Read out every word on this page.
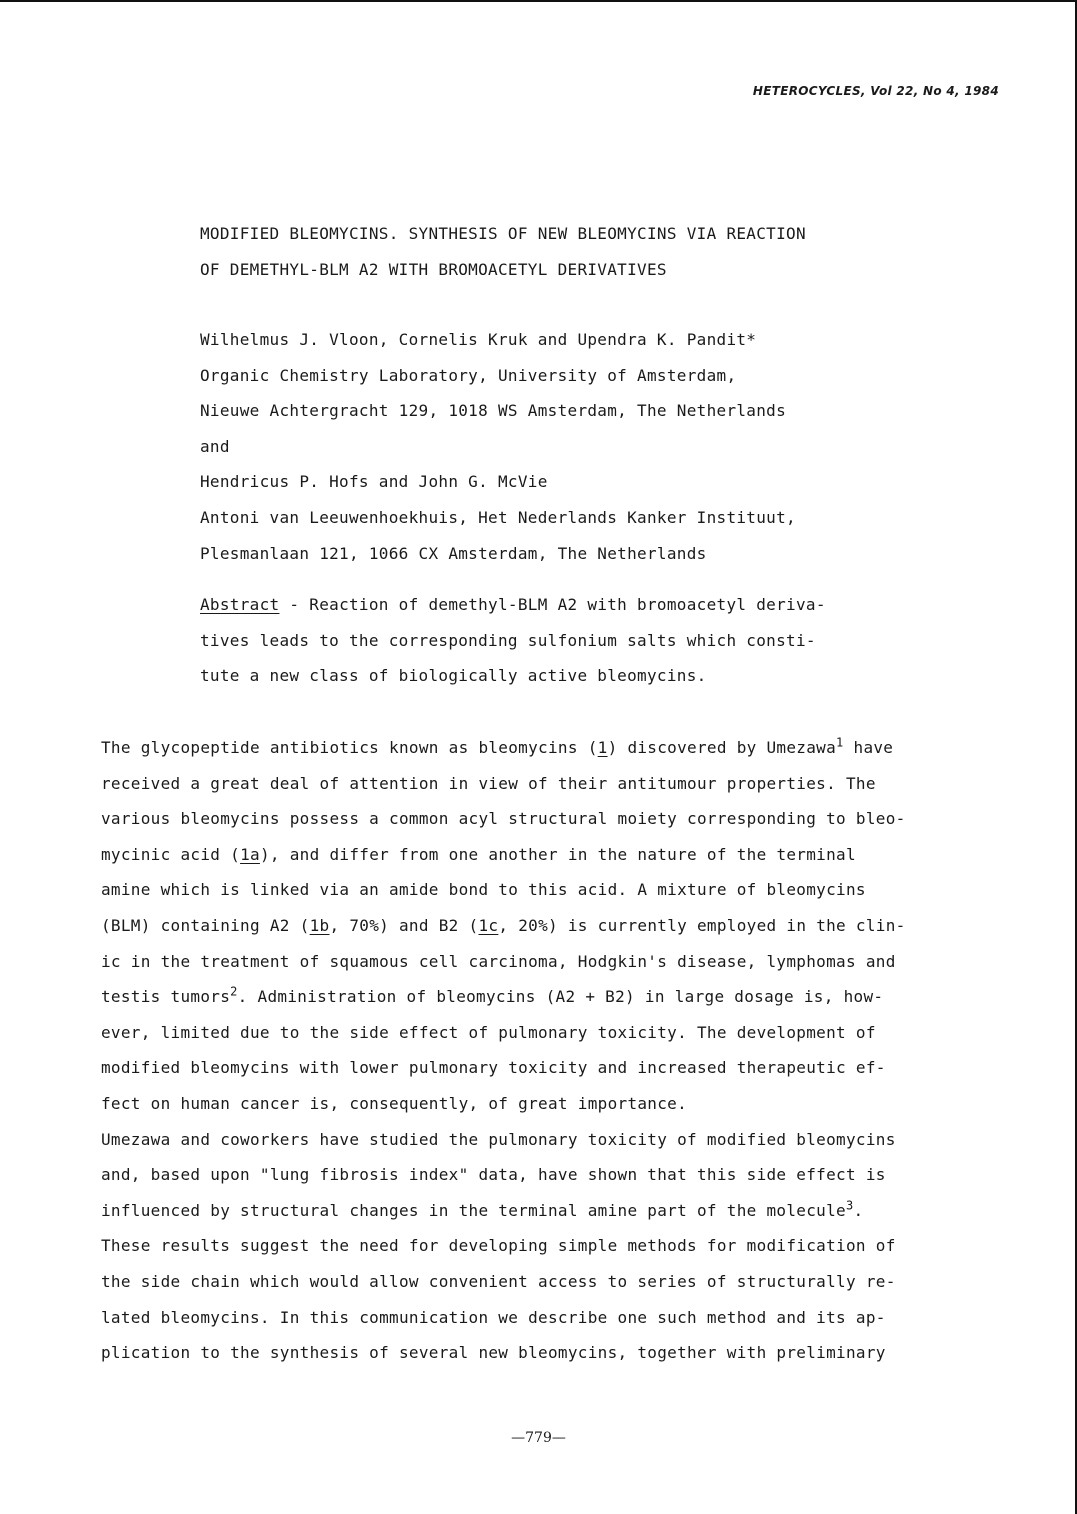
HETEROCYCLES, Vol 22, No 4, 1984
MODIFIED BLEOMYCINS. SYNTHESIS OF NEW BLEOMYCINS VIA REACTION
OF DEMETHYL-BLM A2 WITH BROMOACETYL DERIVATIVES
Wilhelmus J. Vloon, Cornelis Kruk and Upendra K. Pandit*
Organic Chemistry Laboratory, University of Amsterdam,
Nieuwe Achtergracht 129, 1018 WS Amsterdam, The Netherlands
and
Hendricus P. Hofs and John G. McVie
Antoni van Leeuwenhoekhuis, Het Nederlands Kanker Instituut,
Plesmanlaan 121, 1066 CX Amsterdam, The Netherlands
Abstract - Reaction of demethyl-BLM A2 with bromoacetyl deriva-
tives leads to the corresponding sulfonium salts which consti-
tute a new class of biologically active bleomycins.
The glycopeptide antibiotics known as bleomycins (1) discovered by Umezawa$^1$ have
received a great deal of attention in view of their antitumour properties. The
various bleomycins possess a common acyl structural moiety corresponding to bleo-
mycinic acid (1a), and differ from one another in the nature of the terminal
amine which is linked via an amide bond to this acid. A mixture of bleomycins
(BLM) containing A2 (1b, 70%) and B2 (1c, 20%) is currently employed in the clin-
ic in the treatment of squamous cell carcinoma, Hodgkin's disease, lymphomas and
testis tumors$^2$. Administration of bleomycins (A2 + B2) in large dosage is, how-
ever, limited due to the side effect of pulmonary toxicity. The development of
modified bleomycins with lower pulmonary toxicity and increased therapeutic ef-
fect on human cancer is, consequently, of great importance.
Umezawa and coworkers have studied the pulmonary toxicity of modified bleomycins
and, based upon "lung fibrosis index" data, have shown that this side effect is
influenced by structural changes in the terminal amine part of the molecule$^3$.
These results suggest the need for developing simple methods for modification of
the side chain which would allow convenient access to series of structurally re-
lated bleomycins. In this communication we describe one such method and its ap-
plication to the synthesis of several new bleomycins, together with preliminary
—779—
